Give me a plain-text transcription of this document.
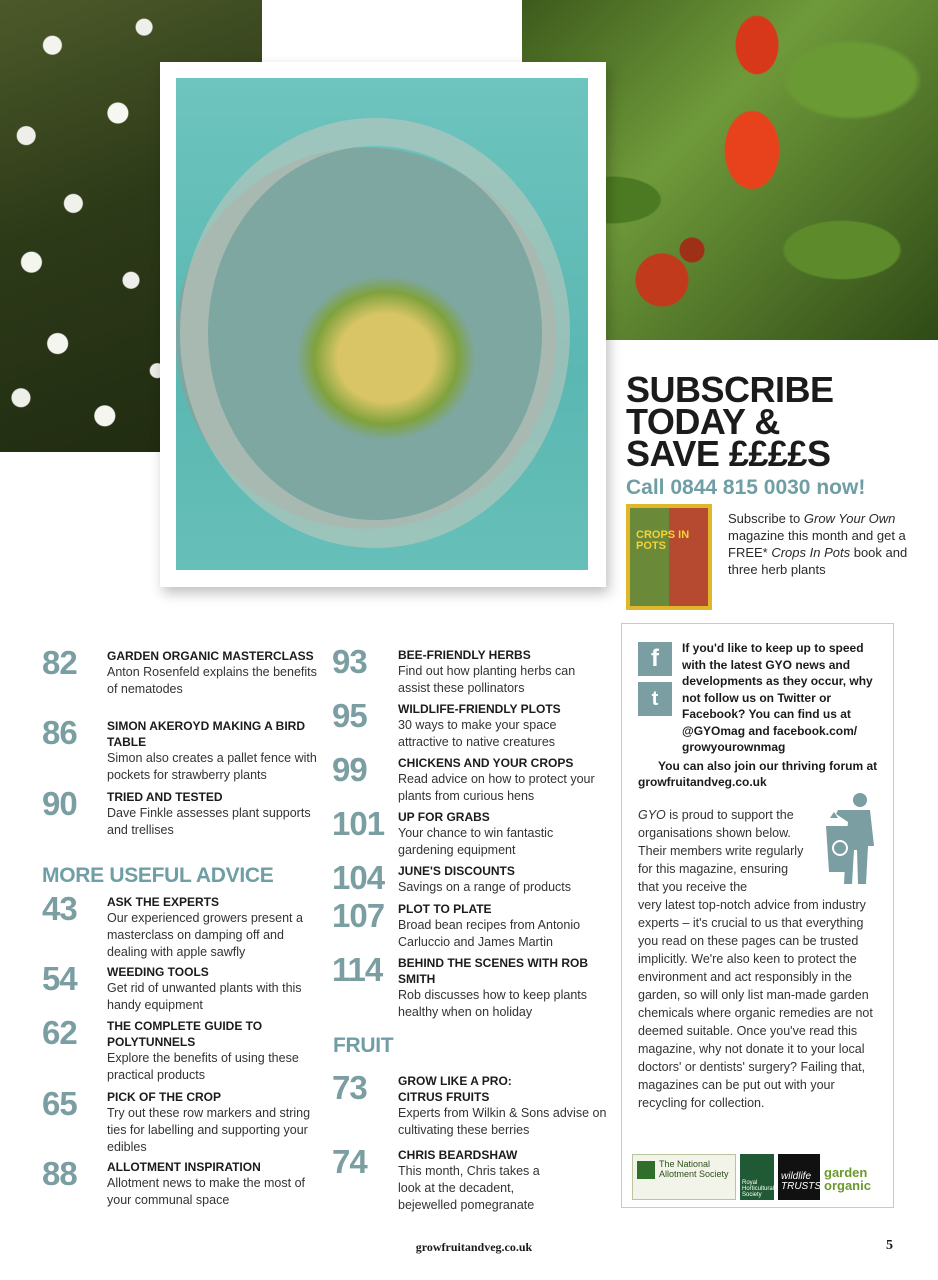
SUBSCRIBE
TODAY &
SAVE ££££S
Call 0844 815 0030 now!
CROPS IN POTS
Subscribe to Grow Your Own magazine this month and get a FREE* Crops In Pots book and three herb plants
82	GARDEN ORGANIC MASTERCLASS
Anton Rosenfeld explains the benefits of nematodes
86	SIMON AKEROYD MAKING A BIRD TABLE
Simon also creates a pallet fence with pockets for strawberry plants
90	TRIED AND TESTED
Dave Finkle assesses plant supports and trellises
MORE USEFUL ADVICE
43	ASK THE EXPERTS
Our experienced growers present a masterclass on damping off and dealing with apple sawfly
54	WEEDING TOOLS
Get rid of unwanted plants with this handy equipment
62	THE COMPLETE GUIDE TO POLYTUNNELS
Explore the benefits of using these practical products
65	PICK OF THE CROP
Try out these row markers and string ties for labelling and supporting your edibles
88	ALLOTMENT INSPIRATION
Allotment news to make the most of your communal space
93	BEE-FRIENDLY HERBS
Find out how planting herbs can assist these pollinators
95	WILDLIFE-FRIENDLY PLOTS
30 ways to make your space attractive to native creatures
99	CHICKENS AND YOUR CROPS
Read advice on how to protect your plants from curious hens
101 UP FOR GRABS
Your chance to win fantastic gardening equipment
104 JUNE'S DISCOUNTS
Savings on a range of products
107 PLOT TO PLATE
Broad bean recipes from Antonio Carluccio and James Martin
114 BEHIND THE SCENES WITH ROB SMITH
Rob discusses how to keep plants healthy when on holiday
FRUIT
73	GROW LIKE A PRO: CITRUS FRUITS
Experts from Wilkin & Sons advise on cultivating these berries
74	CHRIS BEARDSHAW
This month, Chris takes a look at the decadent, bejewelled pomegranate
f
t
If you'd like to keep up to speed with the latest GYO news and developments as they occur, why not follow us on Twitter or Facebook? You can find us at @GYOmag and facebook.com/ growyourownmag
You can also join our thriving forum at growfruitandveg.co.uk
GYO is proud to support the organisations shown below. Their members write regularly for this magazine, ensuring that you receive the
very latest top-notch advice from industry experts – it's crucial to us that everything you read on these pages can be trusted implicitly. We're also keen to protect the environment and act responsibly in the garden, so will only list man-made garden chemicals where organic remedies are not deemed suitable. Once you've read this magazine, why not donate it to your local doctors' or dentists' surgery? Failing that, magazines can be put out with your recycling for collection.
The National Allotment Society
Royal Horticultural Society
wildlife TRUSTS
garden organic
growfruitandveg.co.uk	5
